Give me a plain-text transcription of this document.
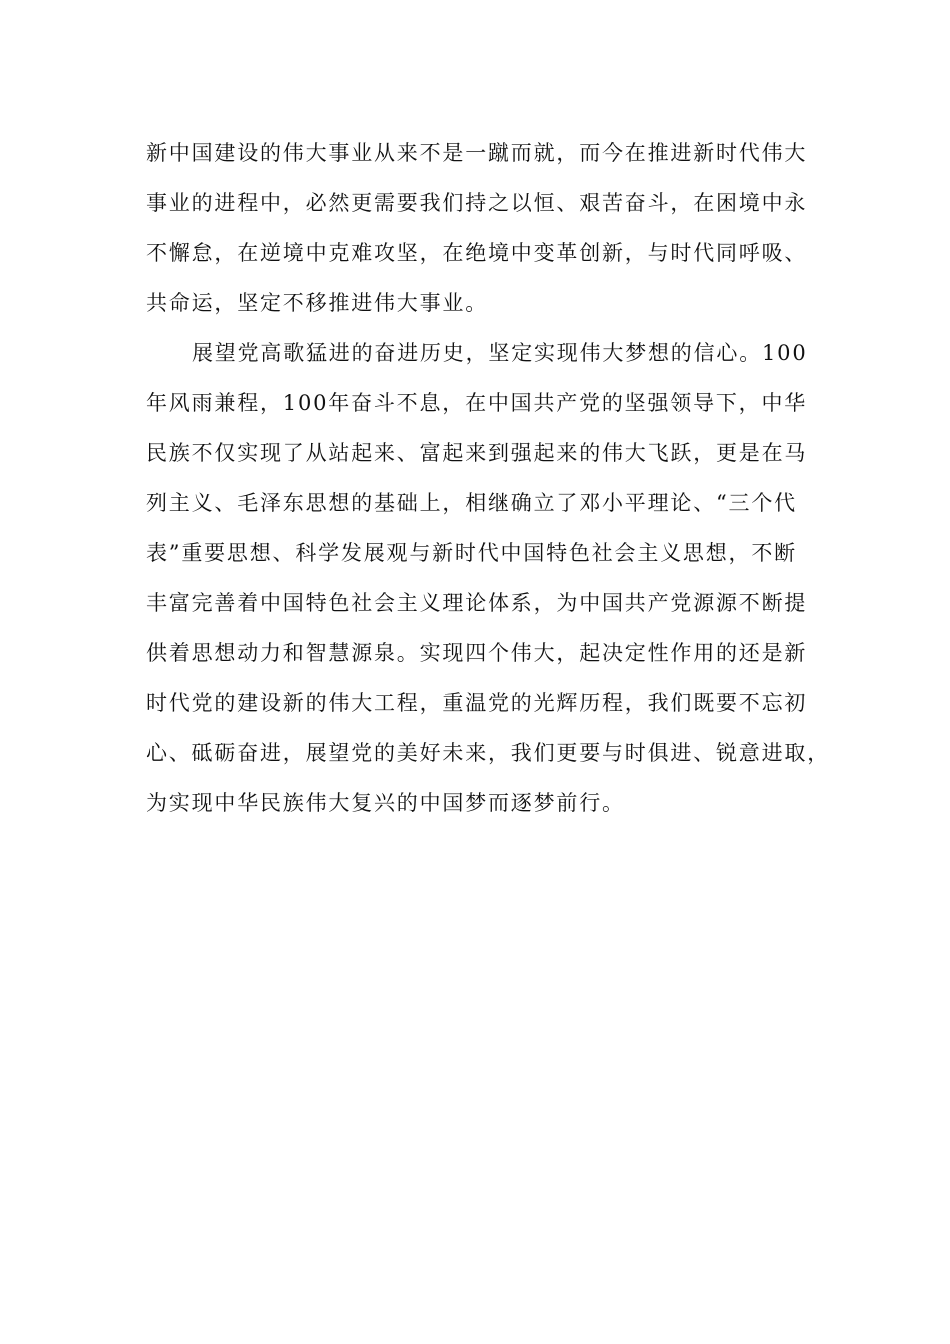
新中国建设的伟大事业从来不是一蹴而就，而今在推进新时代伟大
事业的进程中，必然更需要我们持之以恒、艰苦奋斗，在困境中永
不懈怠，在逆境中克难攻坚，在绝境中变革创新，与时代同呼吸、
共命运，坚定不移推进伟大事业。
展望党高歌猛进的奋进历史，坚定实现伟大梦想的信心。100
年风雨兼程，100年奋斗不息，在中国共产党的坚强领导下，中华
民族不仅实现了从站起来、富起来到强起来的伟大飞跃，更是在马
列主义、毛泽东思想的基础上，相继确立了邓小平理论、“三个代
表”重要思想、科学发展观与新时代中国特色社会主义思想，不断
丰富完善着中国特色社会主义理论体系，为中国共产党源源不断提
供着思想动力和智慧源泉。实现四个伟大，起决定性作用的还是新
时代党的建设新的伟大工程，重温党的光辉历程，我们既要不忘初
心、砥砺奋进，展望党的美好未来，我们更要与时俱进、锐意进取，
为实现中华民族伟大复兴的中国梦而逐梦前行。
